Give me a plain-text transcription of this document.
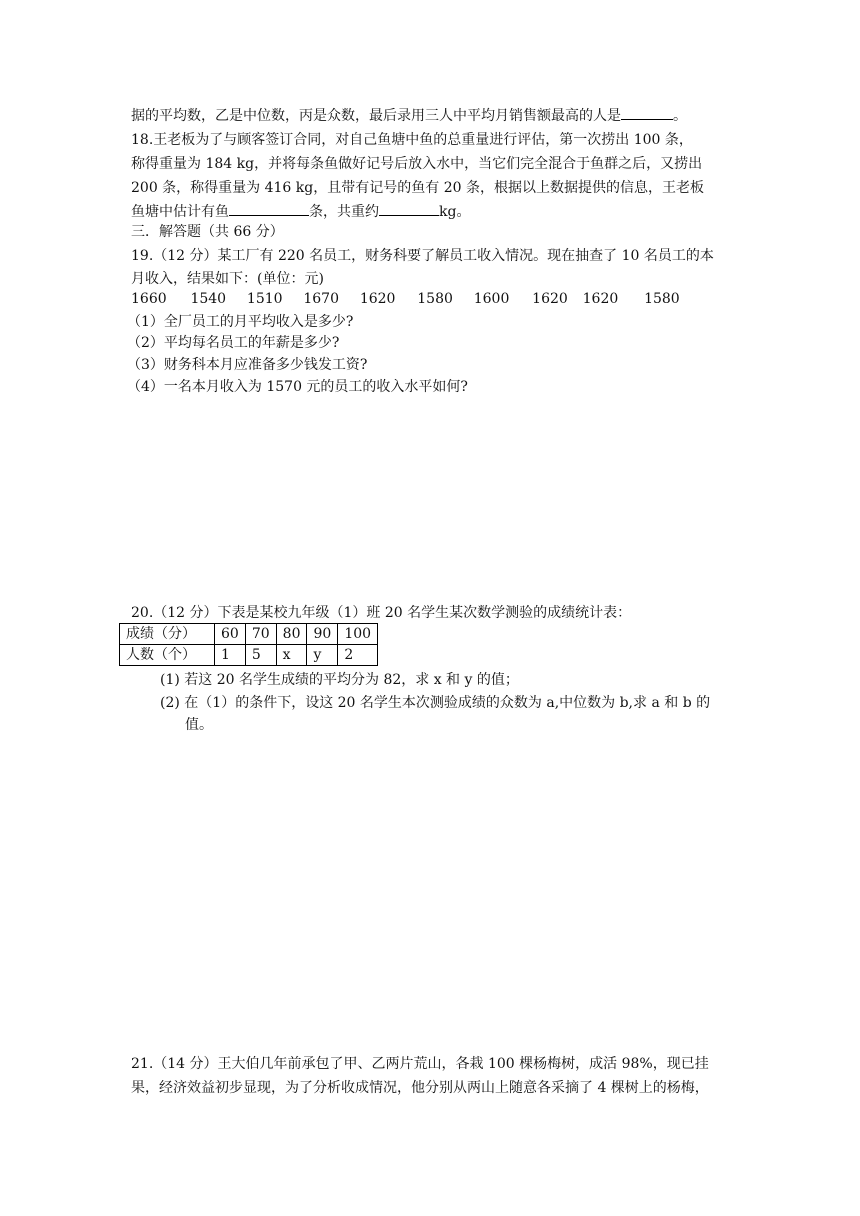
据的平均数，乙是中位数，丙是众数，最后录用三人中平均月销售额最高的人是	。
18.王老板为了与顾客签订合同，对自己鱼塘中鱼的总重量进行评估，第一次捞出 100 条，
称得重量为 184 kg，并将每条鱼做好记号后放入水中，当它们完全混合于鱼群之后，又捞出
200 条，称得重量为 416 kg，且带有记号的鱼有 20 条，根据以上数据提供的信息，王老板
鱼塘中估计有鱼	条，共重约	kg。
三．解答题（共 66 分）
19.（12 分）某工厂有 220 名员工，财务科要了解员工收入情况。现在抽查了 10 名员工的本
月收入，结果如下：(单位：元)
1660 1540 1510 1670 1620 1580 1600 1620 1620 1580
（1）全厂员工的月平均收入是多少?
（2）平均每名员工的年薪是多少?
（3）财务科本月应准备多少钱发工资?
（4）一名本月收入为 1570 元的员工的收入水平如何?
20.（12 分）下表是某校九年级（1）班 20 名学生某次数学测验的成绩统计表：
成绩（分）	60	70	80	90	100
人数（个）	1	5	x	y	2
(1) 若这 20 名学生成绩的平均分为 82，求 x 和 y 的值；
(2) 在（1）的条件下，设这 20 名学生本次测验成绩的众数为 a,中位数为 b,求 a 和 b 的
值。
21.（14 分）王大伯几年前承包了甲、乙两片荒山，各栽 100 棵杨梅树，成活 98%，现已挂
果，经济效益初步显现，为了分析收成情况，他分别从两山上随意各采摘了 4 棵树上的杨梅，
